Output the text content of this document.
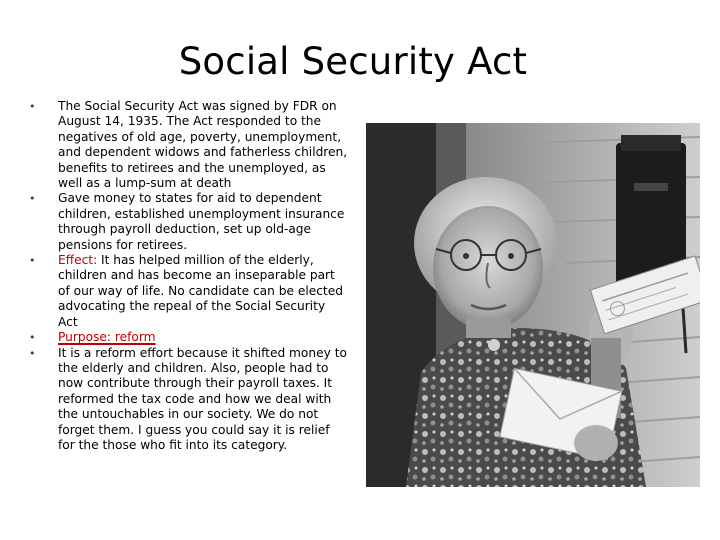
Social Security Act
• The Social Security Act was signed by FDR on August 14, 1935. The Act responded to the negatives of old age, poverty, unemployment, and dependent widows and fatherless children, benefits to retirees and the unemployed, as well as a lump-sum at death
• Gave money to states for aid to dependent children, established unemployment insurance through payroll deduction, set up old-age pensions for retirees.
• Effect: It has helped million of the elderly, children and has become an inseparable part of our way of life. No candidate can be elected advocating the repeal of the Social Security Act
• Purpose: reform
• It is a reform effort because it shifted money to the elderly and children. Also, people had to now contribute through their payroll taxes. It reformed the tax code and how we deal with the untouchables in our society. We do not forget them. I guess you could say it is relief for the those who fit into its category.
